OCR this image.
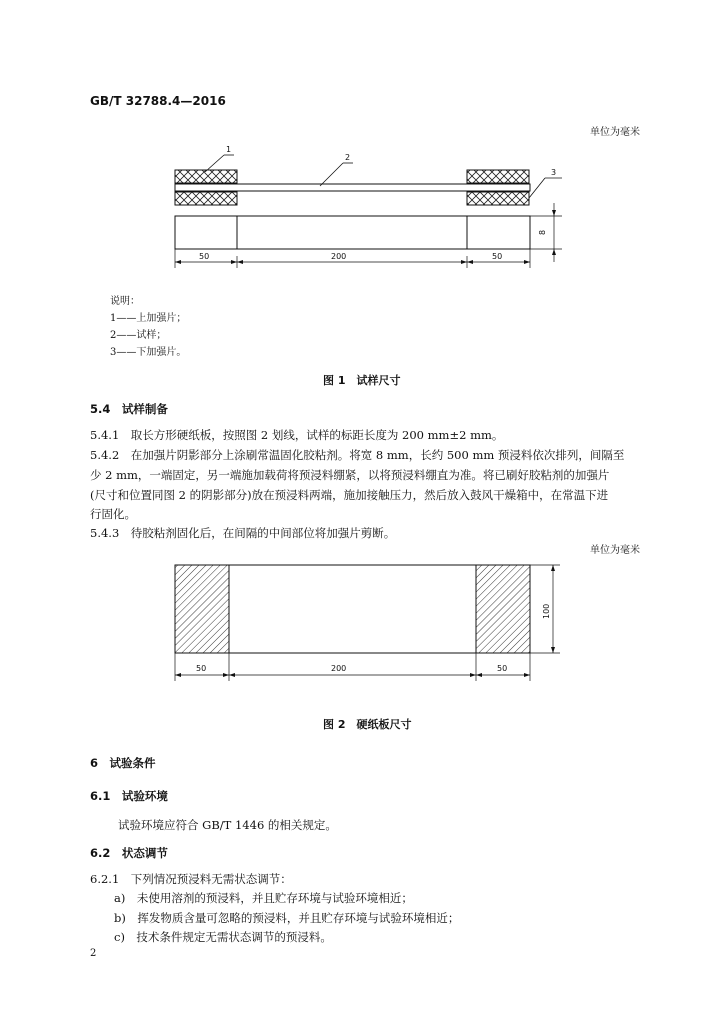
GB/T 32788.4—2016
单位为毫米
1
2
3
50	200	50
8
50	200	50
100
说明：
1——上加强片；
2——试样；
3——下加强片。
图 1　试样尺寸
5.4　试样制备
5.4.1　取长方形硬纸板，按照图 2 划线，试样的标距长度为 200 mm±2 mm。
5.4.2　在加强片阴影部分上涂刷常温固化胶粘剂。将宽 8 mm，长约 500 mm 预浸料依次排列，间隔至
少 2 mm，一端固定，另一端施加载荷将预浸料绷紧，以将预浸料绷直为准。将已刷好胶粘剂的加强片
(尺寸和位置同图 2 的阴影部分)放在预浸料两端，施加接触压力，然后放入鼓风干燥箱中，在常温下进
行固化。
5.4.3　待胶粘剂固化后，在间隔的中间部位将加强片剪断。
单位为毫米
图 2　硬纸板尺寸
6　试验条件
6.1　试验环境
试验环境应符合 GB/T 1446 的相关规定。
6.2　状态调节
6.2.1　下列情况预浸料无需状态调节：
a)　未使用溶剂的预浸料，并且贮存环境与试验环境相近；
b)　挥发物质含量可忽略的预浸料，并且贮存环境与试验环境相近；
c)　技术条件规定无需状态调节的预浸料。
2
